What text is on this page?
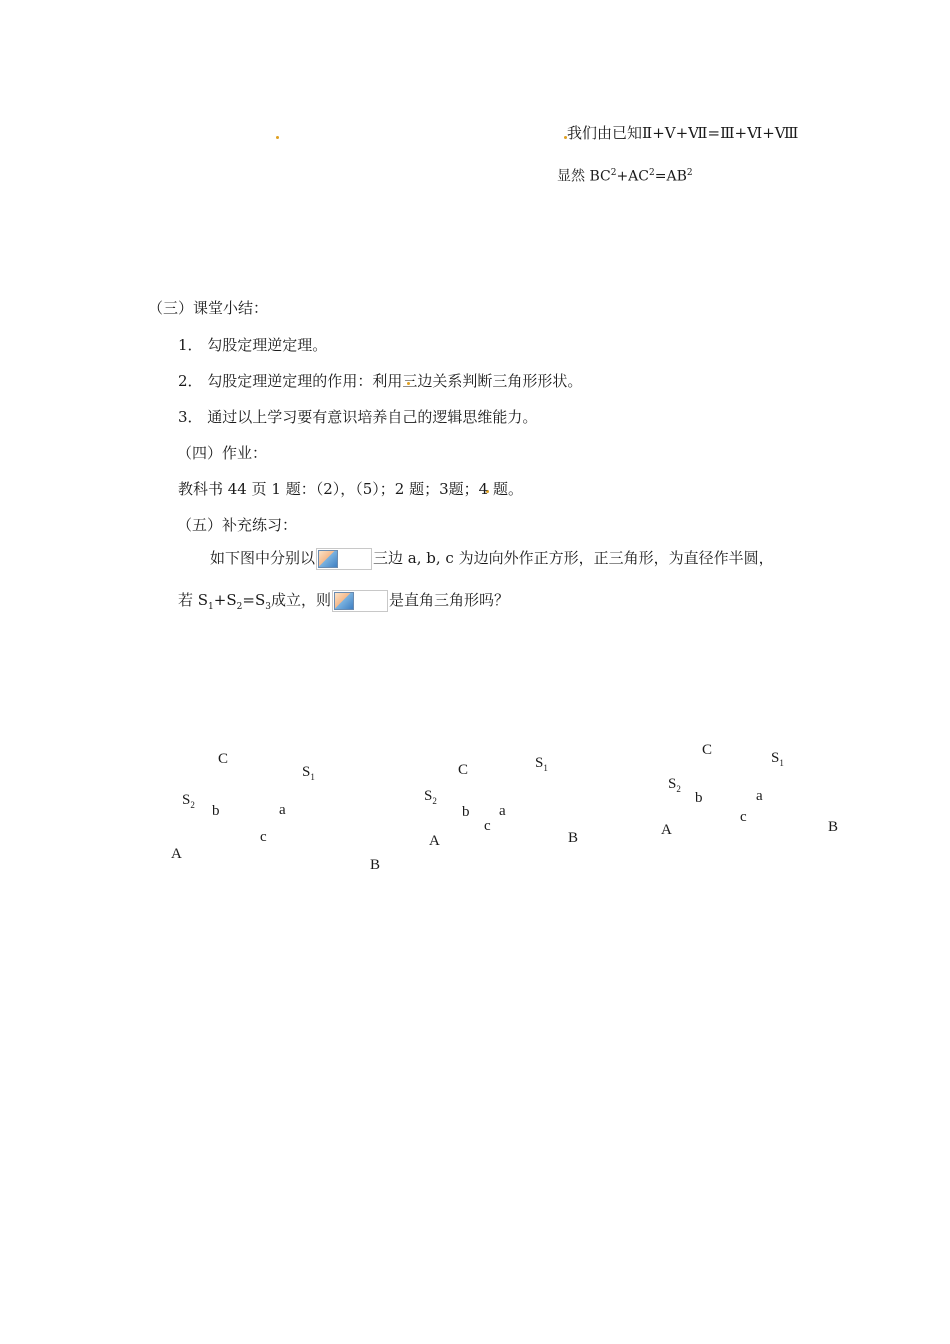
我们由已知Ⅱ+Ⅴ+Ⅶ=Ⅲ+Ⅵ+Ⅷ
显然 $BC^2+AC^2=AB^2$
（三）课堂小结：
1． 勾股定理逆定理。
2． 勾股定理逆定理的作用：利用三边关系判断三角形形状。
3． 通过以上学习要有意识培养自己的逻辑思维能力。
（四）作业：
教科书 44 页 1 题：（2），（5）；2 题；3题；4 题。
（五）补充练习：
如下图中分别以	三边 a, b, c 为边向外作正方形，正三角形，为直径作半圆，
若 $S_1+S_2=S_3$成立，则	是直角三角形吗？
C
$S_1$
$S_2$ b	a
c
A
B
C	$S_1$
$S_2$
b a
c
A	B
C	$S_1$
$S_2$
b	a
c
A	B
